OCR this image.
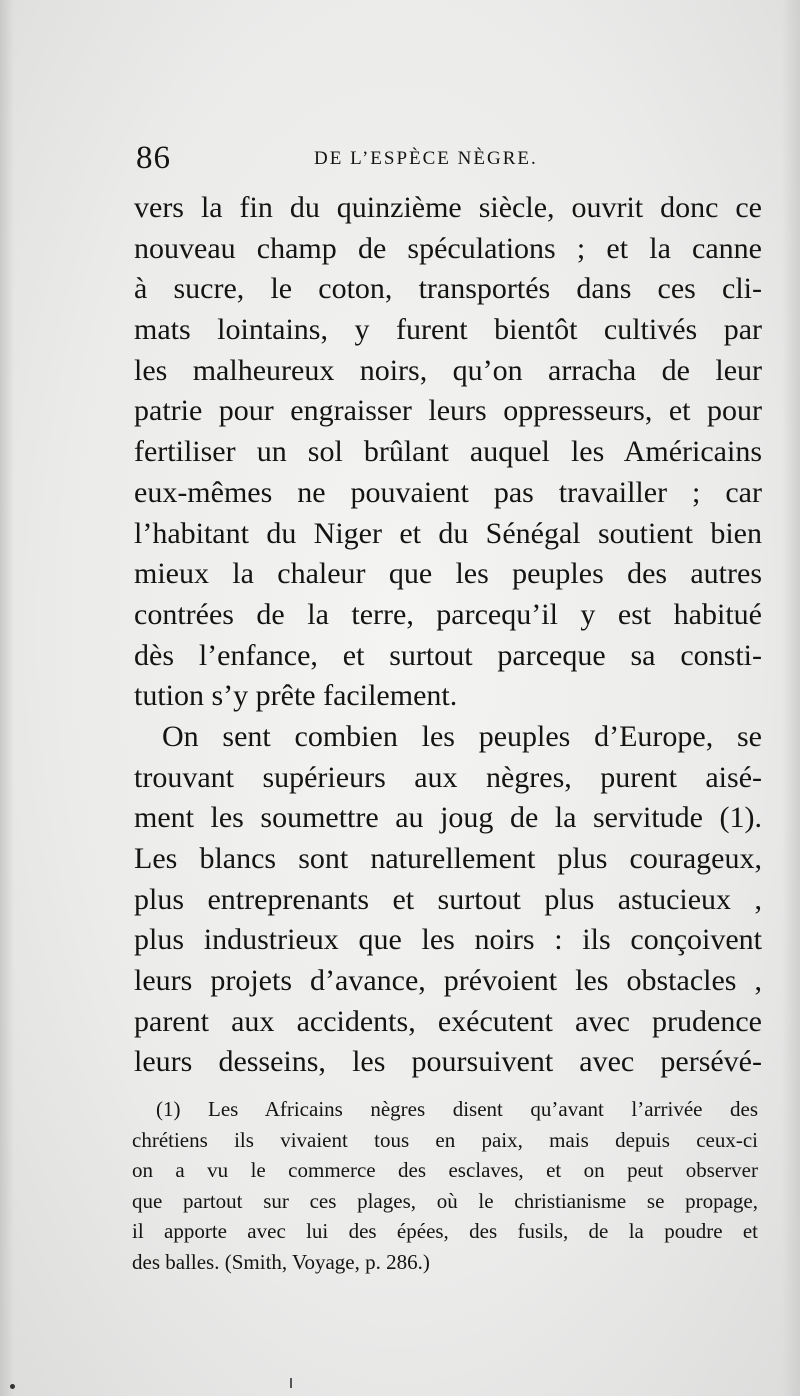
86	DE L’ESPÈCE NÈGRE.
vers la fin du quinzième siècle, ouvrit donc ce
nouveau champ de spéculations ; et la canne
à sucre, le coton, transportés dans ces cli-
mats lointains, y furent bientôt cultivés par
les malheureux noirs, qu’on arracha de leur
patrie pour engraisser leurs oppresseurs, et pour
fertiliser un sol brûlant auquel les Américains
eux-mêmes ne pouvaient pas travailler ; car
l’habitant du Niger et du Sénégal soutient bien
mieux la chaleur que les peuples des autres
contrées de la terre, parcequ’il y est habitué
dès l’enfance, et surtout parceque sa consti-
tution s’y prête facilement.
On sent combien les peuples d’Europe, se
trouvant supérieurs aux nègres, purent aisé-
ment les soumettre au joug de la servitude (1).
Les blancs sont naturellement plus courageux,
plus entreprenants et surtout plus astucieux ,
plus industrieux que les noirs : ils conçoivent
leurs projets d’avance, prévoient les obstacles ,
parent aux accidents, exécutent avec prudence
leurs desseins, les poursuivent avec persévé-
(1) Les Africains nègres disent qu’avant l’arrivée des
chrétiens ils vivaient tous en paix, mais depuis ceux-ci
on a vu le commerce des esclaves, et on peut observer
que partout sur ces plages, où le christianisme se propage,
il apporte avec lui des épées, des fusils, de la poudre et
des balles. (Smith, Voyage, p. 286.)
